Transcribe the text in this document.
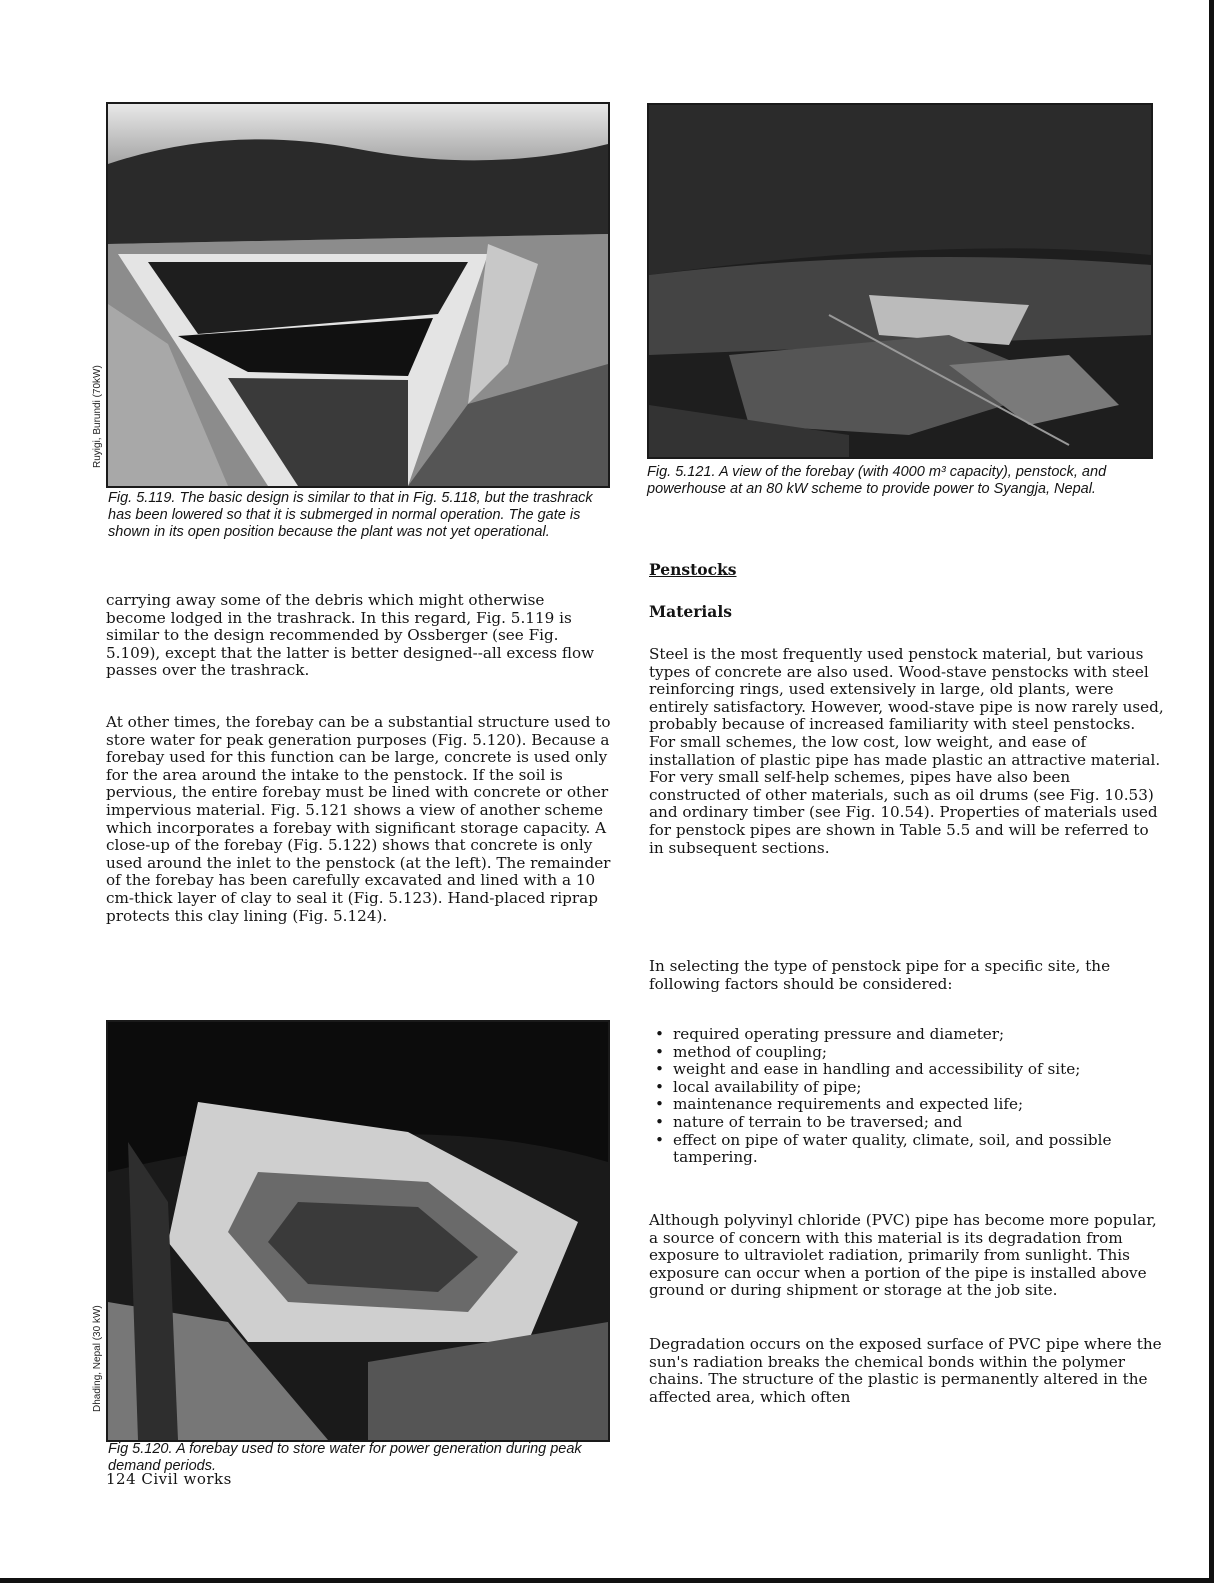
Ruyigi, Burundi (70kW)

Fig. 5.119. The basic design is similar to that in Fig. 5.118, but the trashrack has been lowered so that it is submerged in normal operation. The gate is shown in its open position because the plant was not yet operational.

carrying away some of the debris which might otherwise become lodged in the trashrack. In this regard, Fig. 5.119 is similar to the design recommended by Ossberger (see Fig. 5.109), except that the latter is better designed--all excess flow passes over the trashrack.

At other times, the forebay can be a substantial structure used to store water for peak generation purposes (Fig. 5.120). Because a forebay used for this function can be large, concrete is used only for the area around the intake to the penstock. If the soil is pervious, the entire forebay must be lined with concrete or other impervious material. Fig. 5.121 shows a view of another scheme which incorporates a forebay with significant storage capacity. A close-up of the forebay (Fig. 5.122) shows that concrete is only used around the inlet to the penstock (at the left). The remainder of the forebay has been carefully excavated and lined with a 10 cm-thick layer of clay to seal it (Fig. 5.123). Hand-placed riprap protects this clay lining (Fig. 5.124).

Dhading, Nepal (30 kW)

Fig 5.120. A forebay used to store water for power generation during peak demand periods.

Fig. 5.121. A view of the forebay (with 4000 m³ capacity), penstock, and powerhouse at an 80 kW scheme to provide power to Syangja, Nepal.

Penstocks
Materials

Steel is the most frequently used penstock material, but various types of concrete are also used. Wood-stave penstocks with steel reinforcing rings, used extensively in large, old plants, were entirely satisfactory. However, wood-stave pipe is now rarely used, probably because of increased familiarity with steel penstocks. For small schemes, the low cost, low weight, and ease of installation of plastic pipe has made plastic an attractive material. For very small self-help schemes, pipes have also been constructed of other materials, such as oil drums (see Fig. 10.53) and ordinary timber (see Fig. 10.54). Properties of materials used for penstock pipes are shown in Table 5.5 and will be referred to in subsequent sections.

In selecting the type of penstock pipe for a specific site, the following factors should be considered:

• required operating pressure and diameter;
• method of coupling;
• weight and ease in handling and accessibility of site;
• local availability of pipe;
• maintenance requirements and expected life;
• nature of terrain to be traversed; and
• effect on pipe of water quality, climate, soil, and possible tampering.

Although polyvinyl chloride (PVC) pipe has become more popular, a source of concern with this material is its degradation from exposure to ultraviolet radiation, primarily from sunlight. This exposure can occur when a portion of the pipe is installed above ground or during shipment or storage at the job site.

Degradation occurs on the exposed surface of PVC pipe where the sun's radiation breaks the chemical bonds within the polymer chains. The structure of the plastic is permanently altered in the affected area, which often

124 Civil works
